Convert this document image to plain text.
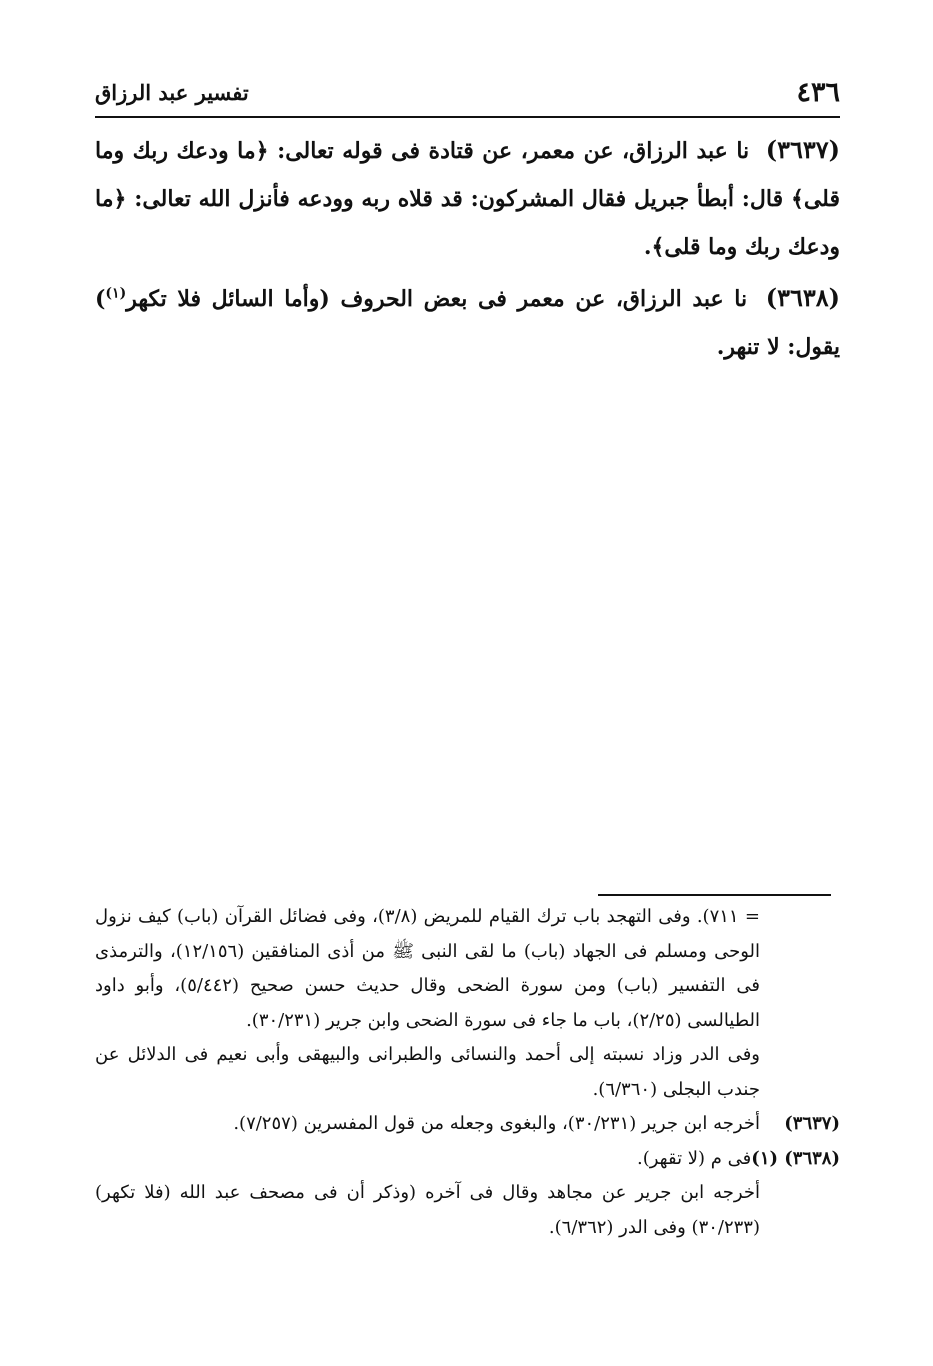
٤٣٦
تفسير عبد الرزاق

(٣٦٣٧) نا عبد الرزاق، عن معمر، عن قتادة فى قوله تعالى: ﴿ما ودعك ربك وما قلى﴾ قال: أبطأ جبريل فقال المشركون: قد قلاه ربه وودعه فأنزل الله تعالى: ﴿ما ودعك ربك وما قلى﴾.

(٣٦٣٨) نا عبد الرزاق، عن معمر فى بعض الحروف (وأما السائل فلا تكهر$^{(١)}$) يقول: لا تنهر.

= ٧١١). وفى التهجد باب ترك القيام للمريض (٣/٨)، وفى فضائل القرآن (باب) كيف نزول الوحى ومسلم فى الجهاد (باب) ما لقى النبى ﷺ من أذى المنافقين (١٢/١٥٦)، والترمذى فى التفسير (باب) ومن سورة الضحى وقال حديث حسن صحيح (٥/٤٤٢)، وأبو داود الطيالسى (٢/٢٥)، باب ما جاء فى سورة الضحى وابن جرير (٣٠/٢٣١).
وفى الدر وزاد نسبته إلى أحمد والنسائى والطبرانى والبيهقى وأبى نعيم فى الدلائل عن جندب البجلى (٦/٣٦٠).
(٣٦٣٧)
أخرجه ابن جرير (٣٠/٢٣١)، والبغوى وجعله من قول المفسرين (٧/٢٥٧).
(٣٦٣٨) (١)
فى م (لا تقهر).
أخرجه ابن جرير عن مجاهد وقال فى آخره (وذكر أن فى مصحف عبد الله (فلا تكهر) (٣٠/٢٣٣) وفى الدر (٦/٣٦٢).
